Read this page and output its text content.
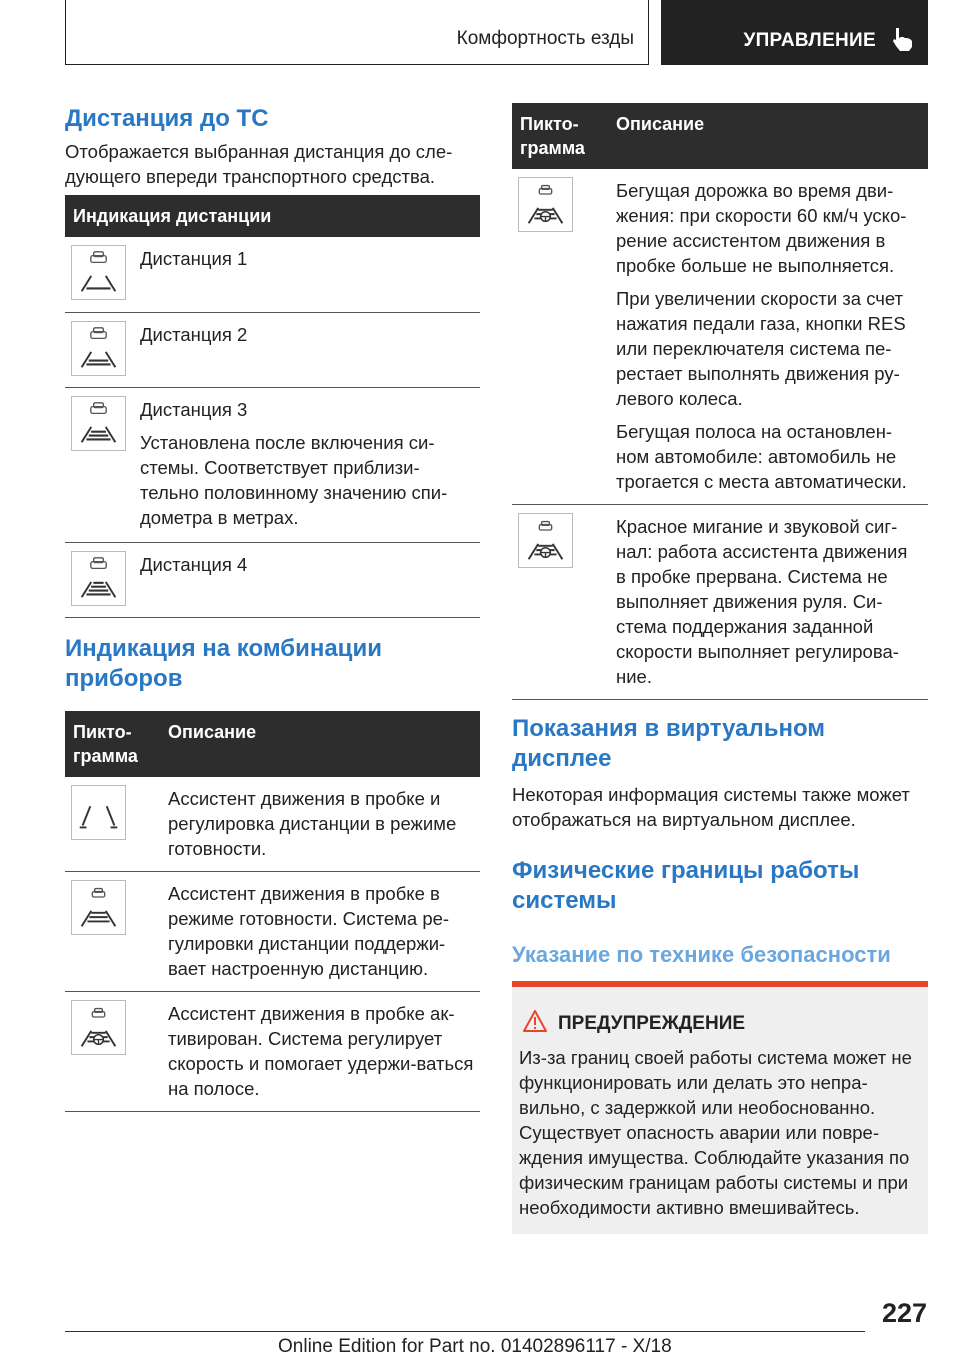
Комфортность езды	УПРАВЛЕНИЕ
Дистанция до ТС
Отображается выбранная дистанция до сле-дующего впереди транспортного средства.
Индикация дистанции	

Дистанция 1

Дистанция 2

Дистанция 3
Установлена после включения си-стемы. Соответствует приблизи-тельно половинному значению спи-дометра в метрах.

Дистанция 4
Индикация на комбинации приборов
Пикто-грамма	Описание

Ассистент движения в пробке и регулировка дистанции в режиме готовности.

Ассистент движения в пробке в режиме готовности. Система ре-гулировки дистанции поддержи-вает настроенную дистанцию.

Ассистент движения в пробке ак-тивирован. Система регулирует скорость и помогает удержи-ваться на полосе.
Пикто-грамма	Описание

Бегущая дорожка во время дви-жения: при скорости 60 км/ч уско-рение ассистентом движения в пробке больше не выполняется.
При увеличении скорости за счет нажатия педали газа, кнопки RES или переключателя система пе-рестает выполнять движения ру-левого колеса.
Бегущая полоса на остановлен-ном автомобиле: автомобиль не трогается с места автоматически.

Красное мигание и звуковой сиг-нал: работа ассистента движения в пробке прервана. Система не выполняет движения руля. Си-стема поддержания заданной скорости выполняет регулирова-ние.
Показания в виртуальном дисплее
Некоторая информация системы также может отображаться на виртуальном дисплее.
Физические границы работы системы
Указание по технике безопасности
ПРЕДУПРЕЖДЕНИЕ
Из-за границ своей работы система может не функционировать или делать это непра-вильно, с задержкой или необоснованно. Существует опасность аварии или повре-ждения имущества. Соблюдайте указания по физическим границам работы системы и при необходимости активно вмешивайтесь.
227
Online Edition for Part no. 01402896117 - X/18
